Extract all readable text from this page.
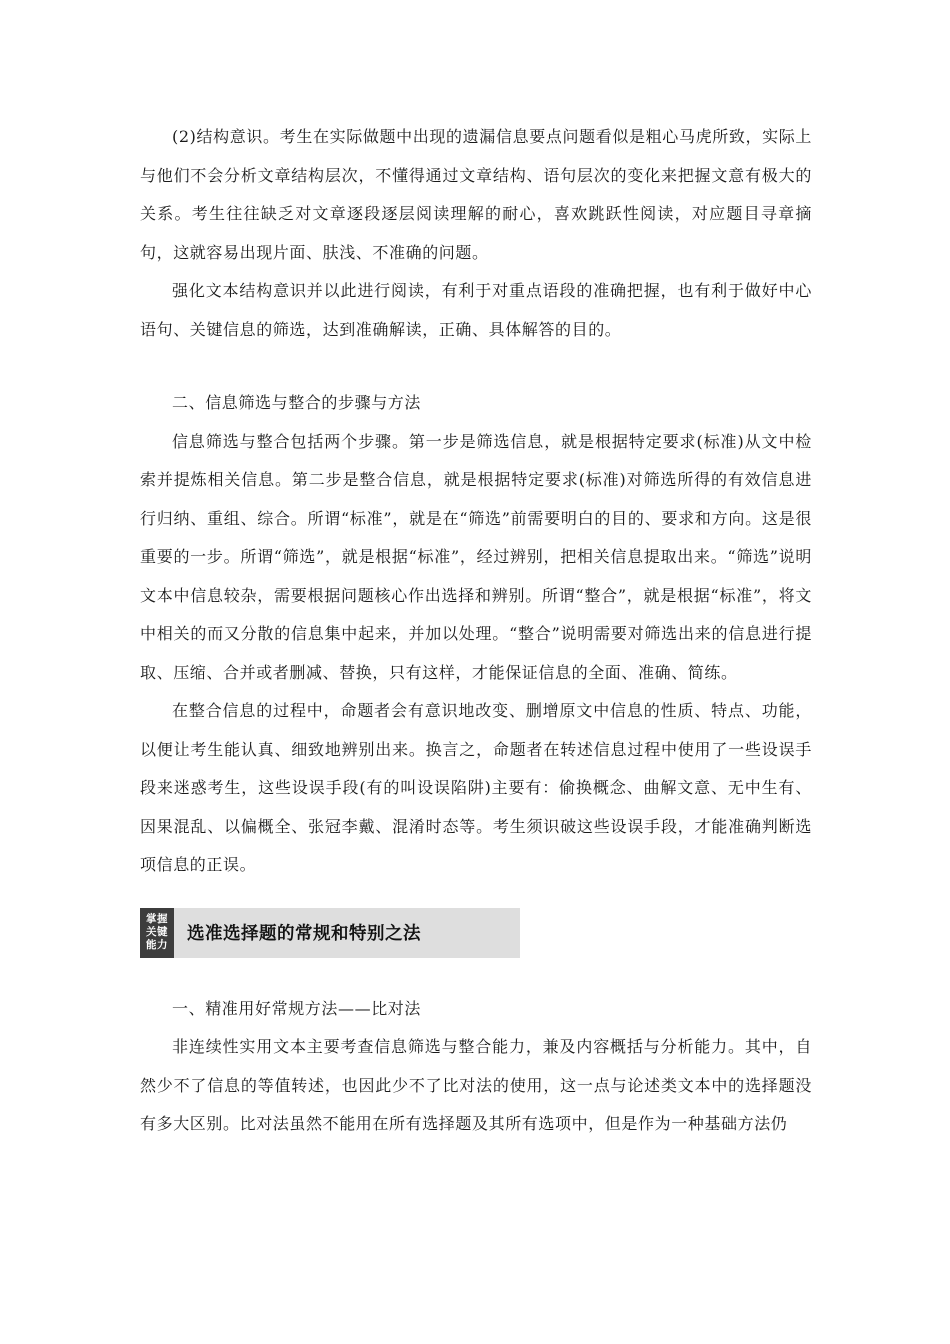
(2)结构意识。考生在实际做题中出现的遗漏信息要点问题看似是粗心马虎所致，实际上与他们不会分析文章结构层次，不懂得通过文章结构、语句层次的变化来把握文意有极大的关系。考生往往缺乏对文章逐段逐层阅读理解的耐心，喜欢跳跃性阅读，对应题目寻章摘句，这就容易出现片面、肤浅、不准确的问题。

强化文本结构意识并以此进行阅读，有利于对重点语段的准确把握，也有利于做好中心语句、关键信息的筛选，达到准确解读，正确、具体解答的目的。

二、信息筛选与整合的步骤与方法

信息筛选与整合包括两个步骤。第一步是筛选信息，就是根据特定要求(标准)从文中检索并提炼相关信息。第二步是整合信息，就是根据特定要求(标准)对筛选所得的有效信息进行归纳、重组、综合。所谓“标准”，就是在“筛选”前需要明白的目的、要求和方向。这是很重要的一步。所谓“筛选”，就是根据“标准”，经过辨别，把相关信息提取出来。“筛选”说明文本中信息较杂，需要根据问题核心作出选择和辨别。所谓“整合”，就是根据“标准”，将文中相关的而又分散的信息集中起来，并加以处理。“整合”说明需要对筛选出来的信息进行提取、压缩、合并或者删减、替换，只有这样，才能保证信息的全面、准确、简练。

在整合信息的过程中，命题者会有意识地改变、删增原文中信息的性质、特点、功能，以便让考生能认真、细致地辨别出来。换言之，命题者在转述信息过程中使用了一些设误手段来迷惑考生，这些设误手段(有的叫设误陷阱)主要有：偷换概念、曲解文意、无中生有、因果混乱、以偏概全、张冠李戴、混淆时态等。考生须识破这些设误手段，才能准确判断选项信息的正误。

掌握
关键
能力
选准选择题的常规和特别之法

一、精准用好常规方法——比对法

非连续性实用文本主要考查信息筛选与整合能力，兼及内容概括与分析能力。其中，自然少不了信息的等值转述，也因此少不了比对法的使用，这一点与论述类文本中的选择题没有多大区别。比对法虽然不能用在所有选择题及其所有选项中，但是作为一种基础方法仍
